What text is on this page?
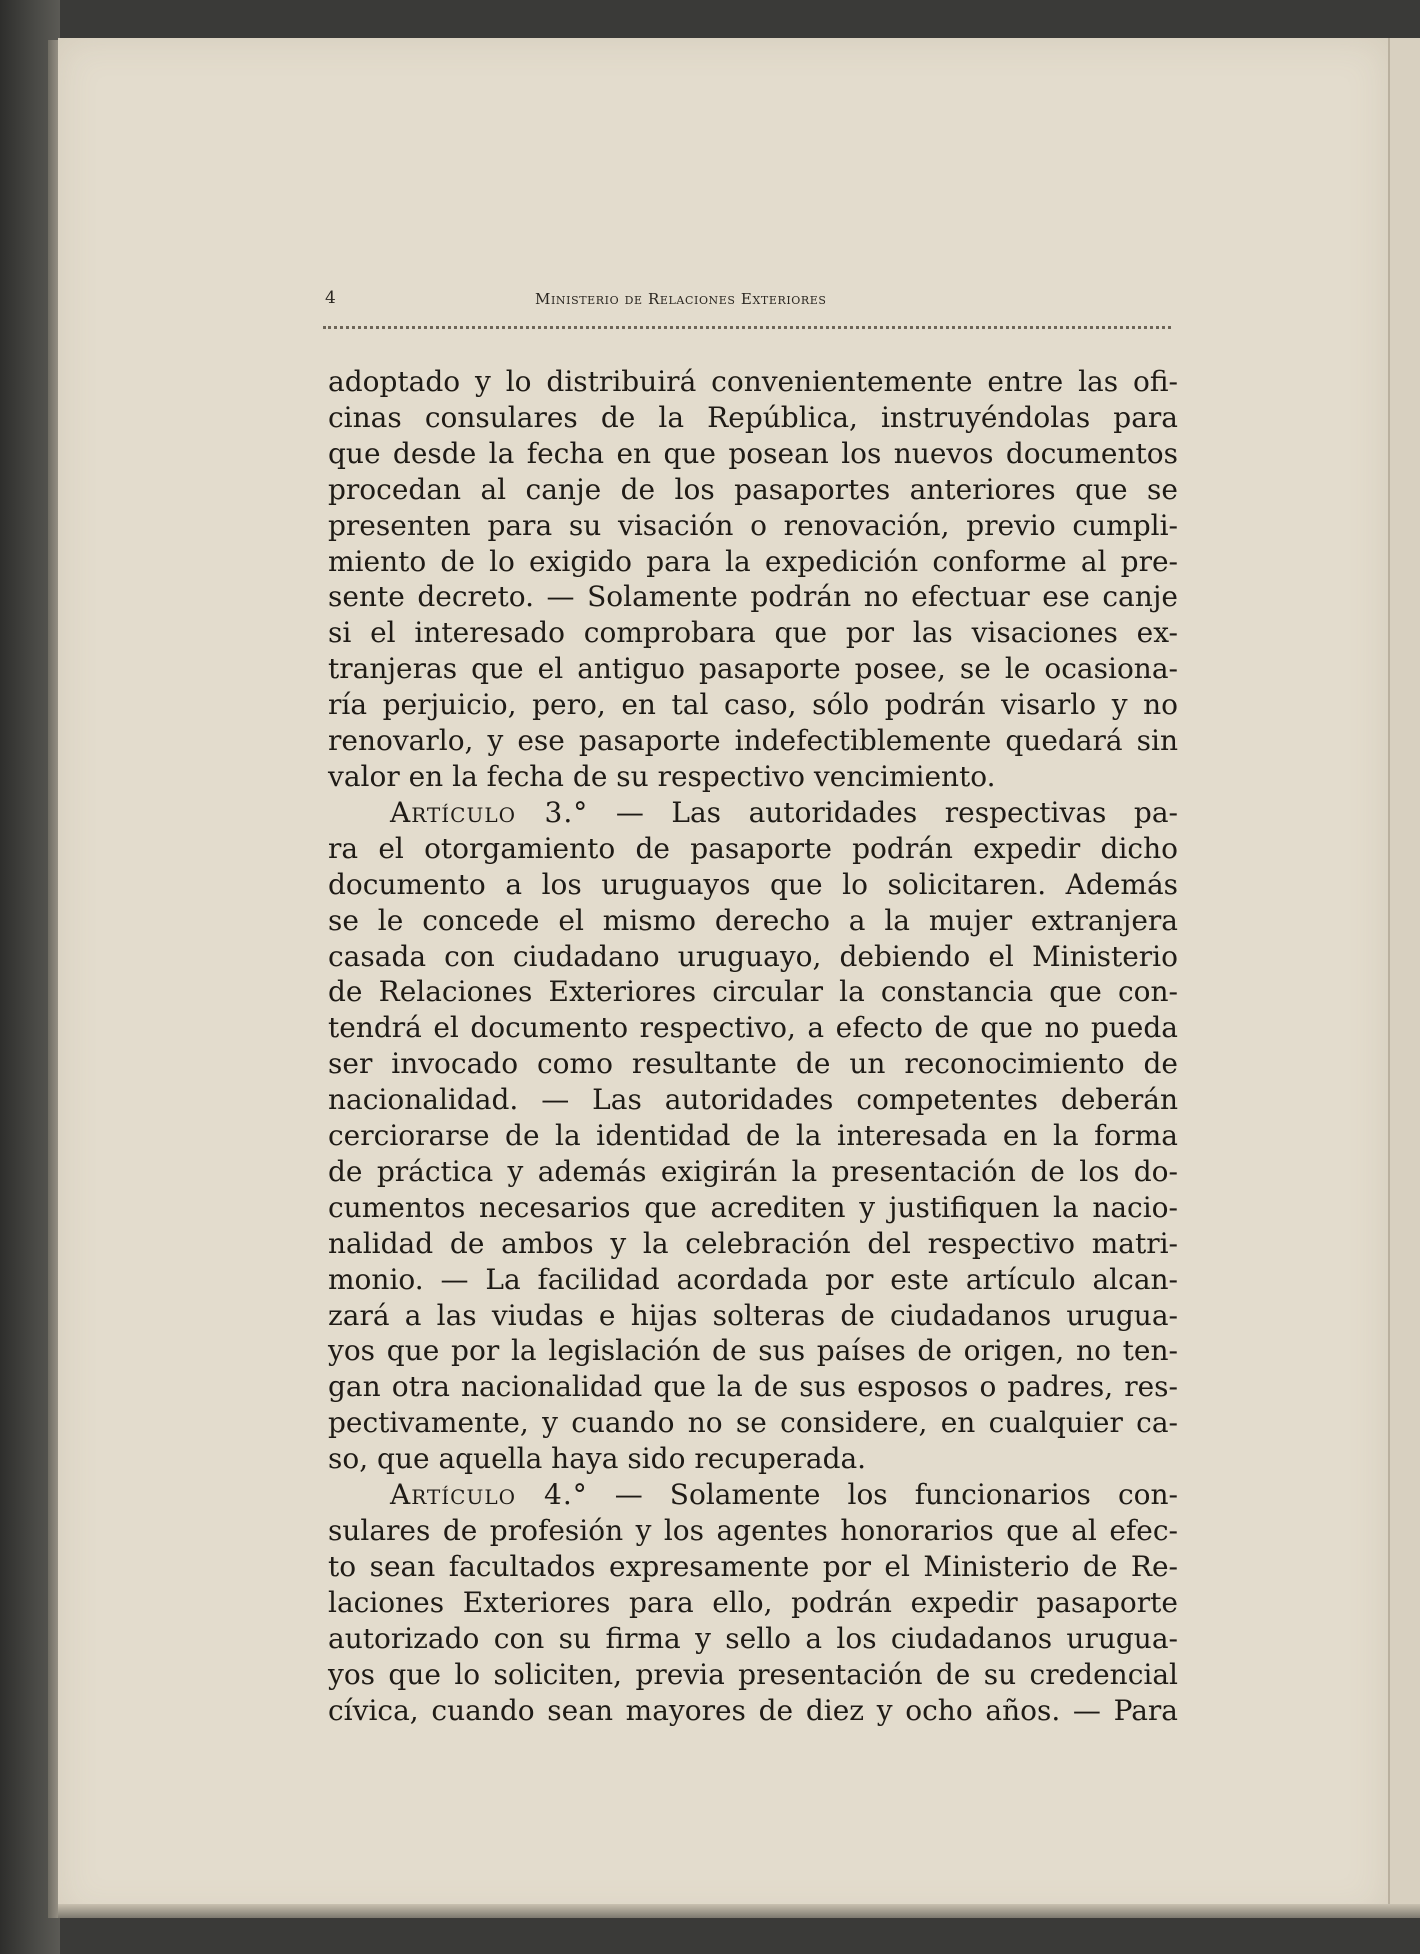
4	Ministerio de Relaciones Exteriores
adoptado y lo distribuirá convenientemente entre las ofi-
cinas consulares de la República, instruyéndolas para
que desde la fecha en que posean los nuevos documentos
procedan al canje de los pasaportes anteriores que se
presenten para su visación o renovación, previo cumpli-
miento de lo exigido para la expedición conforme al pre-
sente decreto. — Solamente podrán no efectuar ese canje
si el interesado comprobara que por las visaciones ex-
tranjeras que el antiguo pasaporte posee, se le ocasiona-
ría perjuicio, pero, en tal caso, sólo podrán visarlo y no
renovarlo, y ese pasaporte indefectiblemente quedará sin
valor en la fecha de su respectivo vencimiento.
Artículo 3.° — Las autoridades respectivas pa-
ra el otorgamiento de pasaporte podrán expedir dicho
documento a los uruguayos que lo solicitaren. Además
se le concede el mismo derecho a la mujer extranjera
casada con ciudadano uruguayo, debiendo el Ministerio
de Relaciones Exteriores circular la constancia que con-
tendrá el documento respectivo, a efecto de que no pueda
ser invocado como resultante de un reconocimiento de
nacionalidad. — Las autoridades competentes deberán
cerciorarse de la identidad de la interesada en la forma
de práctica y además exigirán la presentación de los do-
cumentos necesarios que acrediten y justifiquen la nacio-
nalidad de ambos y la celebración del respectivo matri-
monio. — La facilidad acordada por este artículo alcan-
zará a las viudas e hijas solteras de ciudadanos urugua-
yos que por la legislación de sus países de origen, no ten-
gan otra nacionalidad que la de sus esposos o padres, res-
pectivamente, y cuando no se considere, en cualquier ca-
so, que aquella haya sido recuperada.
Artículo 4.° — Solamente los funcionarios con-
sulares de profesión y los agentes honorarios que al efec-
to sean facultados expresamente por el Ministerio de Re-
laciones Exteriores para ello, podrán expedir pasaporte
autorizado con su firma y sello a los ciudadanos urugua-
yos que lo soliciten, previa presentación de su credencial
cívica, cuando sean mayores de diez y ocho años. — Para
